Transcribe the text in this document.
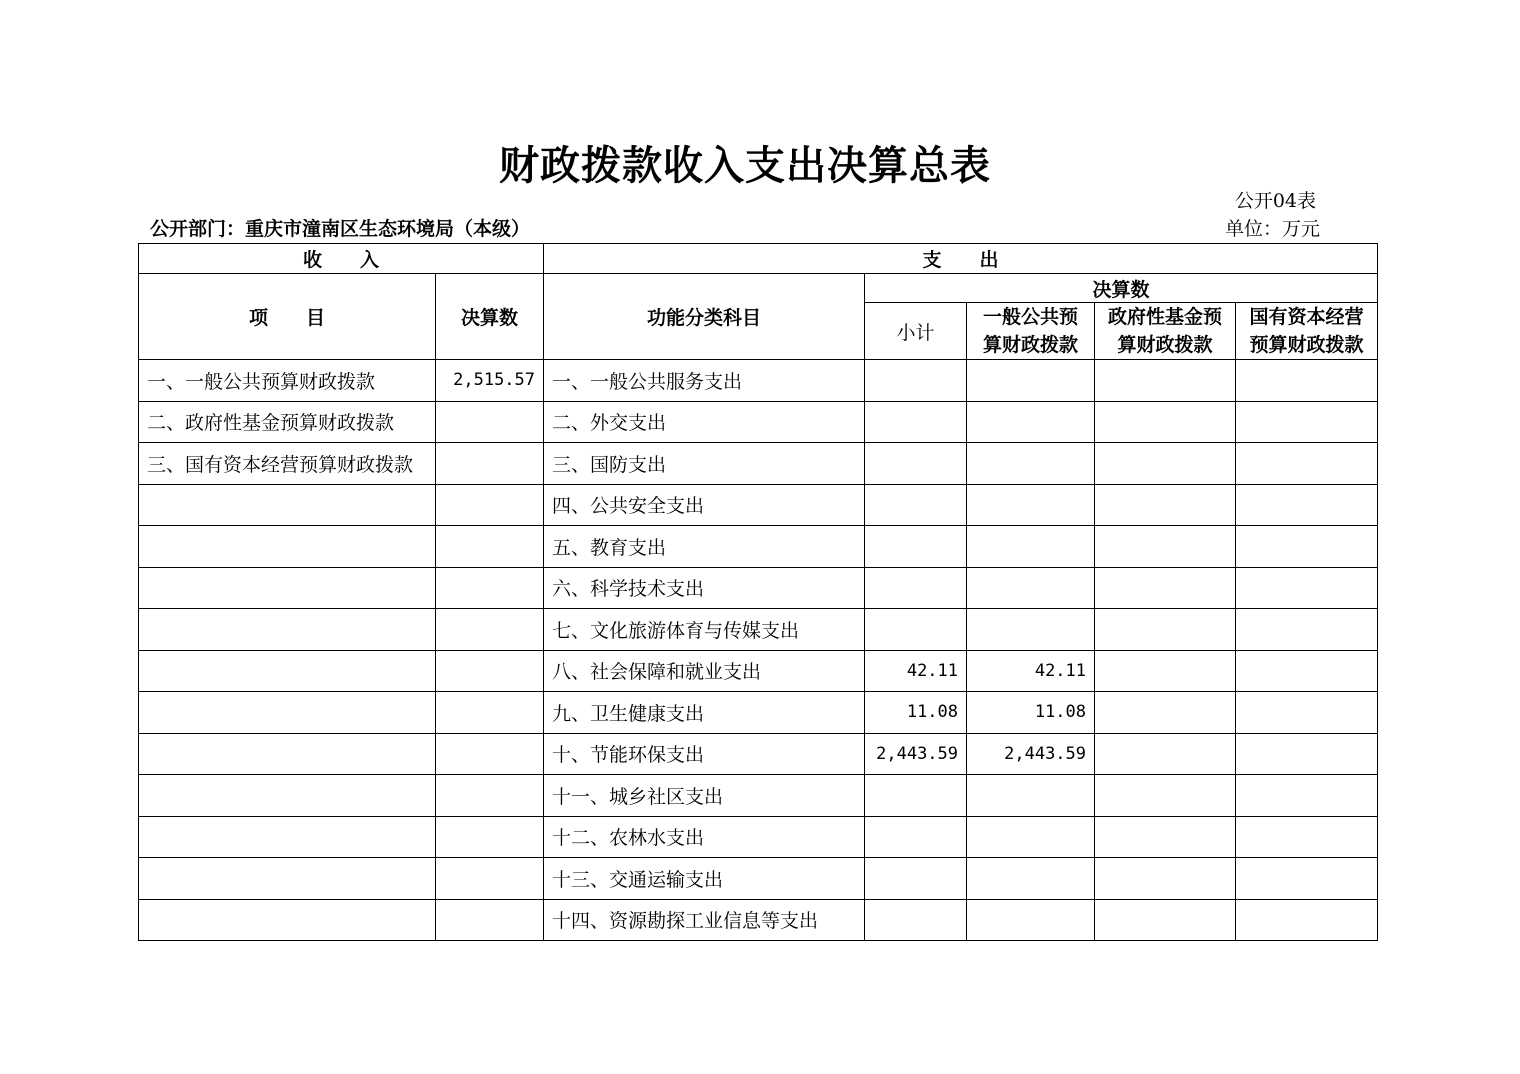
财政拨款收入支出决算总表
公开04表
公开部门：重庆市潼南区生态环境局（本级）	单位：万元
收　　入		支　　出				
项　　目	决算数	功能分类科目	决算数			
			小计	一般公共预算财政拨款	政府性基金预算财政拨款	国有资本经营预算财政拨款
一、一般公共预算财政拨款	2,515.57	一、一般公共服务支出				
二、政府性基金预算财政拨款		二、外交支出				
三、国有资本经营预算财政拨款		三、国防支出				
		四、公共安全支出				
		五、教育支出				
		六、科学技术支出				
		七、文化旅游体育与传媒支出				
		八、社会保障和就业支出	42.11	42.11		
		九、卫生健康支出	11.08	11.08		
		十、节能环保支出	2,443.59	2,443.59		
		十一、城乡社区支出				
		十二、农林水支出				
		十三、交通运输支出				
		十四、资源勘探工业信息等支出				
